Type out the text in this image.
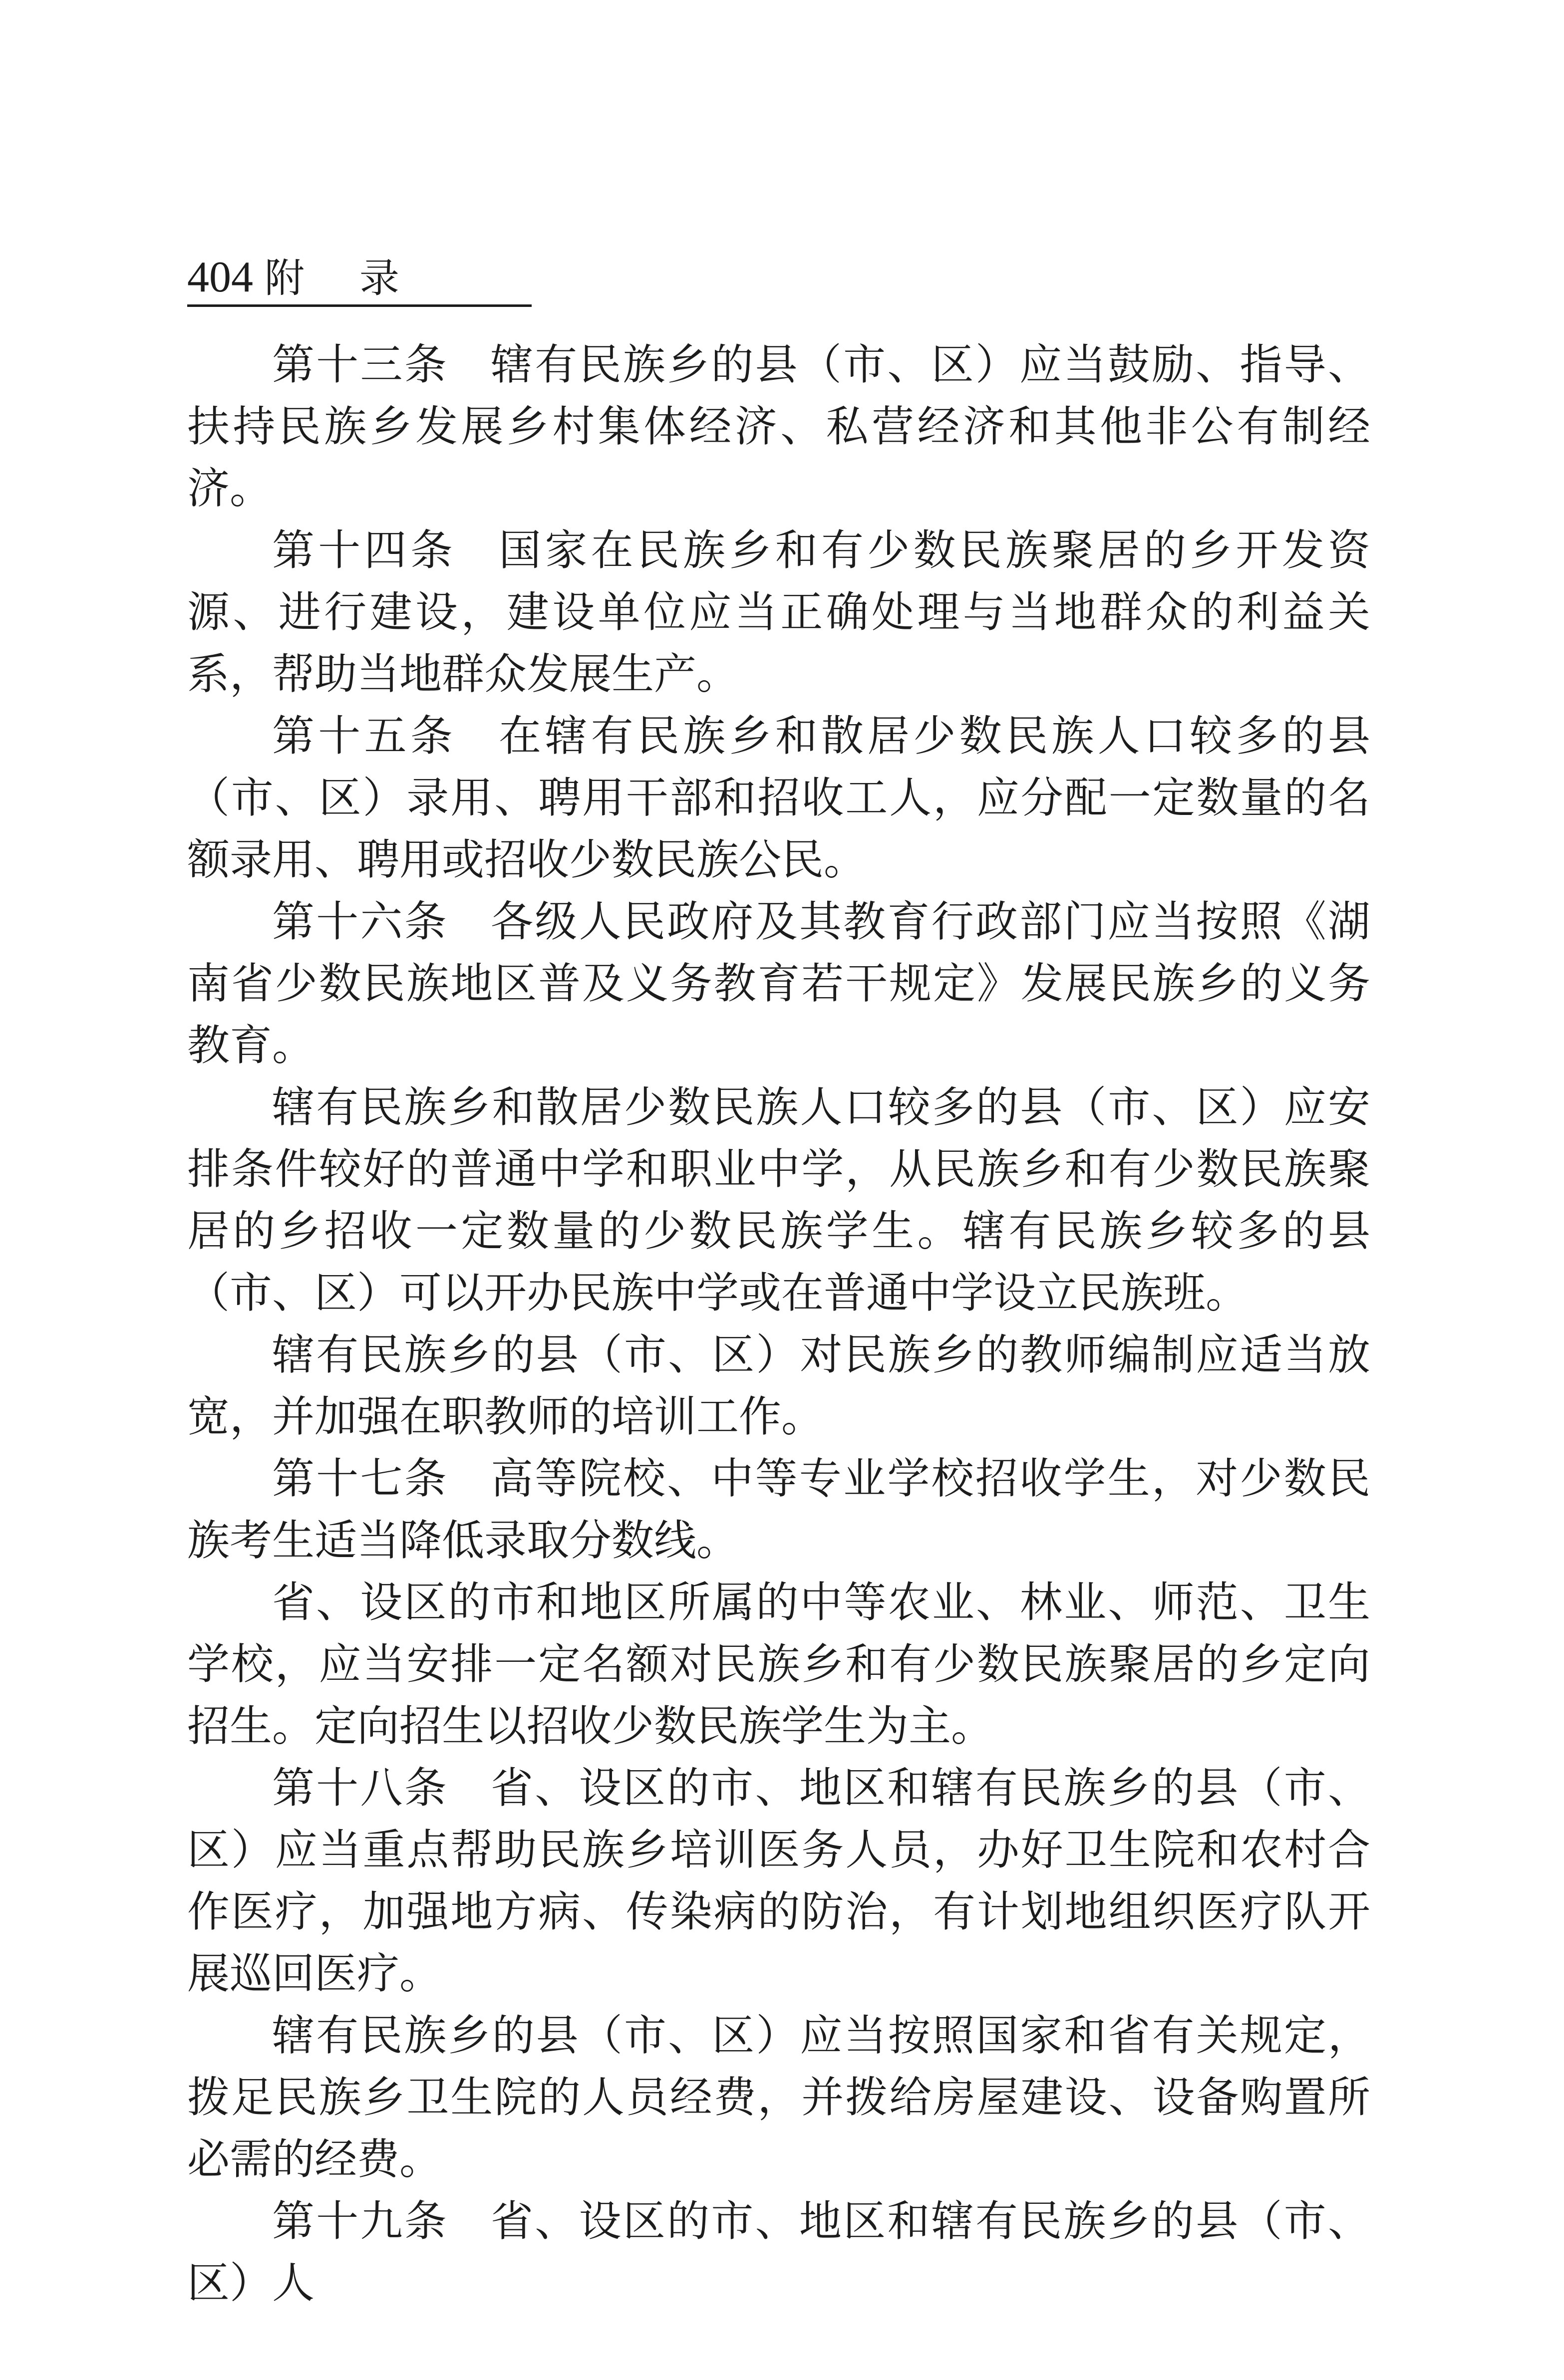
404 附录

第十三条 辖有民族乡的县（市、区）应当鼓励、指导、扶持民族乡发展乡村集体经济、私营经济和其他非公有制经济。

第十四条 国家在民族乡和有少数民族聚居的乡开发资源、进行建设，建设单位应当正确处理与当地群众的利益关系，帮助当地群众发展生产。

第十五条 在辖有民族乡和散居少数民族人口较多的县（市、区）录用、聘用干部和招收工人，应分配一定数量的名额录用、聘用或招收少数民族公民。

第十六条 各级人民政府及其教育行政部门应当按照《湖南省少数民族地区普及义务教育若干规定》发展民族乡的义务教育。

辖有民族乡和散居少数民族人口较多的县（市、区）应安排条件较好的普通中学和职业中学，从民族乡和有少数民族聚居的乡招收一定数量的少数民族学生。辖有民族乡较多的县（市、区）可以开办民族中学或在普通中学设立民族班。

辖有民族乡的县（市、区）对民族乡的教师编制应适当放宽，并加强在职教师的培训工作。

第十七条 高等院校、中等专业学校招收学生，对少数民族考生适当降低录取分数线。

省、设区的市和地区所属的中等农业、林业、师范、卫生学校，应当安排一定名额对民族乡和有少数民族聚居的乡定向招生。定向招生以招收少数民族学生为主。

第十八条 省、设区的市、地区和辖有民族乡的县（市、区）应当重点帮助民族乡培训医务人员，办好卫生院和农村合作医疗，加强地方病、传染病的防治，有计划地组织医疗队开展巡回医疗。

辖有民族乡的县（市、区）应当按照国家和省有关规定，拨足民族乡卫生院的人员经费，并拨给房屋建设、设备购置所必需的经费。

第十九条 省、设区的市、地区和辖有民族乡的县（市、区）人
